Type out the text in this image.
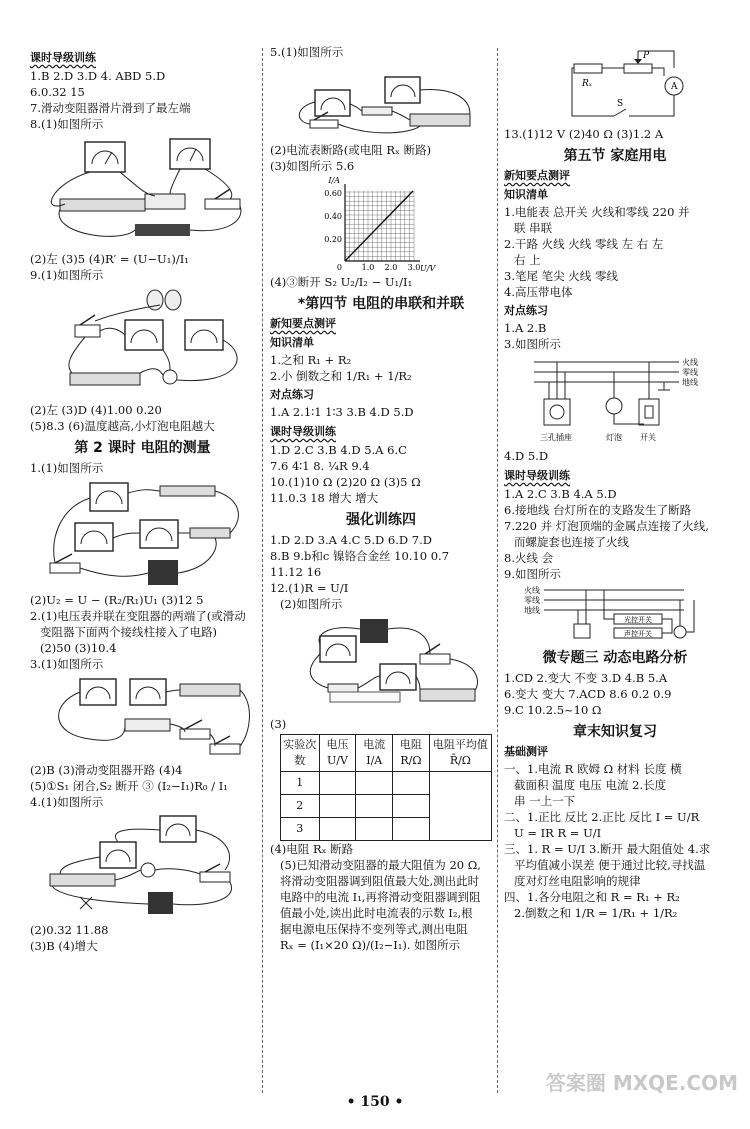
课时导级训练
1.B 2.D 3.D 4. ABD 5.D
6.0.32 15
7.滑动变阻器滑片滑到了最左端
8.(1)如图所示
(2)左 (3)5 (4)R′ = (U−U₁)/I₁
9.(1)如图所示
(2)左 (3)D (4)1.00 0.20
(5)8.3 (6)温度越高,小灯泡电阻越大
第 2 课时 电阻的测量
1.(1)如图所示
(2)U₂ = U − (R₂/R₁)U₁ (3)12 5
2.(1)电压表并联在变阻器的两端了(或滑动
变阻器下面两个接线柱接入了电路)
(2)50 (3)10.4
3.(1)如图所示
(2)B (3)滑动变阻器开路 (4)4
(5)①S₁ 闭合,S₂ 断开 ③ (I₂−I₁)R₀ / I₁
4.(1)如图所示
(2)0.32 11.88
(3)B (4)增大
5.(1)如图所示
(2)电流表断路(或电阻 Rₓ 断路)
(3)如图所示 5.6
I/A
U/V
0.60
0.40
0.20
0 1.0 2.0 3.0
(4)③断开 S₂ U₂/I₂ − U₁/I₁
*第四节 电阻的串联和并联
新知要点测评
知识清单
1.之和 R₁ + R₂
2.小 倒数之和 1/R₁ + 1/R₂
对点练习
1.A 2.1∶1 1∶3 3.B 4.D 5.D
课时导级训练
1.D 2.C 3.B 4.D 5.A 6.C
7.6 4∶1 8. ¼R 9.4
10.(1)10 Ω (2)20 Ω (3)5 Ω
11.0.3 18 增大 增大
强化训练四
1.D 2.D 3.A 4.C 5.D 6.D 7.D
8.B 9.b和c 镍铬合金丝 10.10 0.7
11.12 16
12.(1)R = U/I
(2)如图所示
(3)
实验次数	电压U/V	电流I/A	电阻R/Ω	电阻平均值R̄/Ω
1				
2				
3				
(4)电阻 Rₓ 断路
(5)已知滑动变阻器的最大阻值为 20 Ω,
将滑动变阻器调到阻值最大处,测出此时
电路中的电流 I₁,再将滑动变阻器调到阻
值最小处,读出此时电流表的示数 I₂,根
据电源电压保持不变列等式,测出电阻
Rₓ = (I₁×20 Ω)/(I₂−I₁). 如图所示
Rₓ
P
A
S
13.(1)12 V (2)40 Ω (3)1.2 A
第五节 家庭用电
新知要点测评
知识清单
1.电能表 总开关 火线和零线 220 并
联 串联
2.干路 火线 火线 零线 左 右 左
右 上
3.笔尾 笔尖 火线 零线
4.高压带电体
对点练习
1.A 2.B
3.如图所示
火线
零线
地线
三孔插座	灯泡 开关
4.D 5.D
课时导级训练
1.A 2.C 3.B 4.A 5.D
6.接地线 台灯所在的支路发生了断路
7.220 并 灯泡顶端的金属点连接了火线,
而螺旋套也连接了火线
8.火线 会
9.如图所示
火线
零线
地线
光控开关
声控开关
微专题三 动态电路分析
1.CD 2.变大 不变 3.D 4.B 5.A
6.变大 变大 7.ACD 8.6 0.2 0.9
9.C 10.2.5~10 Ω
章末知识复习
基础测评
一、1.电流 R 欧姆 Ω 材料 长度 横
截面积 温度 电压 电流 2.长度
串 一上一下
二、1.正比 反比 2.正比 反比 I = U/R
U = IR R = U/I
三、1. R = U/I 3.断开 最大阻值处 4.求
平均值减小误差 便于通过比较,寻找温
度对灯丝电阻影响的规律
四、1.各分电阻之和 R = R₁ + R₂
2.倒数之和 1/R = 1/R₁ + 1/R₂
• 150 •
答案圈 MXQE.COM
